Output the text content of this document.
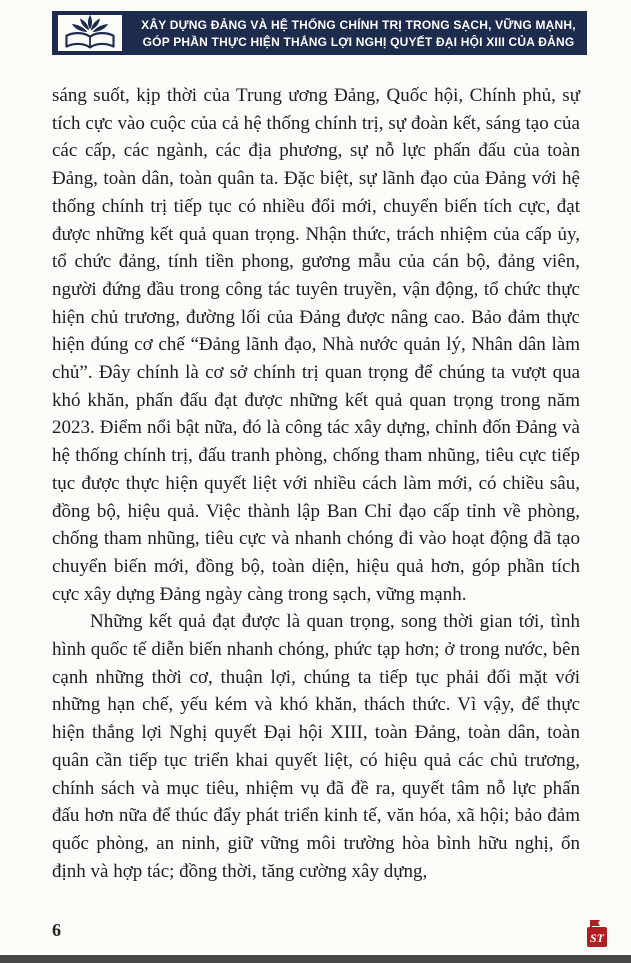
XÂY DỰNG ĐẢNG VÀ HỆ THỐNG CHÍNH TRỊ TRONG SẠCH, VỮNG MẠNH,
GÓP PHẦN THỰC HIỆN THẮNG LỢI NGHỊ QUYẾT ĐẠI HỘI XIII CỦA ĐẢNG

sáng suốt, kịp thời của Trung ương Đảng, Quốc hội, Chính phủ, sự tích cực vào cuộc của cả hệ thống chính trị, sự đoàn kết, sáng tạo của các cấp, các ngành, các địa phương, sự nỗ lực phấn đấu của toàn Đảng, toàn dân, toàn quân ta. Đặc biệt, sự lãnh đạo của Đảng với hệ thống chính trị tiếp tục có nhiều đổi mới, chuyển biến tích cực, đạt được những kết quả quan trọng. Nhận thức, trách nhiệm của cấp ủy, tổ chức đảng, tính tiền phong, gương mẫu của cán bộ, đảng viên, người đứng đầu trong công tác tuyên truyền, vận động, tổ chức thực hiện chủ trương, đường lối của Đảng được nâng cao. Bảo đảm thực hiện đúng cơ chế “Đảng lãnh đạo, Nhà nước quản lý, Nhân dân làm chủ”. Đây chính là cơ sở chính trị quan trọng để chúng ta vượt qua khó khăn, phấn đấu đạt được những kết quả quan trọng trong năm 2023. Điểm nổi bật nữa, đó là công tác xây dựng, chỉnh đốn Đảng và hệ thống chính trị, đấu tranh phòng, chống tham nhũng, tiêu cực tiếp tục được thực hiện quyết liệt với nhiều cách làm mới, có chiều sâu, đồng bộ, hiệu quả. Việc thành lập Ban Chỉ đạo cấp tỉnh về phòng, chống tham nhũng, tiêu cực và nhanh chóng đi vào hoạt động đã tạo chuyển biến mới, đồng bộ, toàn diện, hiệu quả hơn, góp phần tích cực xây dựng Đảng ngày càng trong sạch, vững mạnh.

Những kết quả đạt được là quan trọng, song thời gian tới, tình hình quốc tế diễn biến nhanh chóng, phức tạp hơn; ở trong nước, bên cạnh những thời cơ, thuận lợi, chúng ta tiếp tục phải đối mặt với những hạn chế, yếu kém và khó khăn, thách thức. Vì vậy, để thực hiện thắng lợi Nghị quyết Đại hội XIII, toàn Đảng, toàn dân, toàn quân cần tiếp tục triển khai quyết liệt, có hiệu quả các chủ trương, chính sách và mục tiêu, nhiệm vụ đã đề ra, quyết tâm nỗ lực phấn đấu hơn nữa để thúc đẩy phát triển kinh tế, văn hóa, xã hội; bảo đảm quốc phòng, an ninh, giữ vững môi trường hòa bình hữu nghị, ổn định và hợp tác; đồng thời, tăng cường xây dựng,

6	ST
